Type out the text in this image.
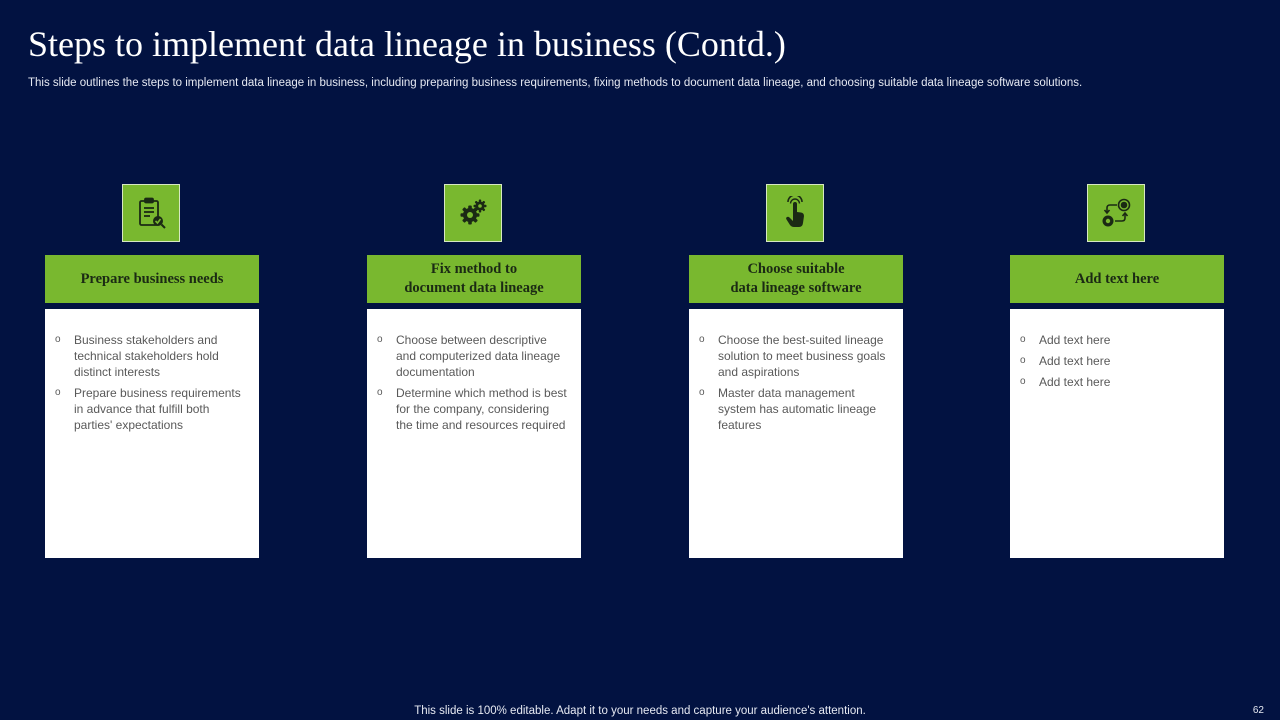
Steps to implement data lineage in business (Contd.)
This slide outlines the steps to implement data lineage in business, including preparing business requirements, fixing methods to document data lineage, and choosing suitable data lineage software solutions.
Prepare business needs
o Business stakeholders and technical stakeholders hold distinct interests
o Prepare business requirements in advance that fulfill both parties' expectations
Fix method to
document data lineage
o Choose between descriptive and computerized data lineage documentation
o Determine which method is best for the company, considering the time and resources required
Choose suitable
data lineage software
o Choose the best-suited lineage solution to meet business goals and aspirations
o Master data management system has automatic lineage features
Add text here
o Add text here
o Add text here
o Add text here
This slide is 100% editable. Adapt it to your needs and capture your audience's attention.	62
